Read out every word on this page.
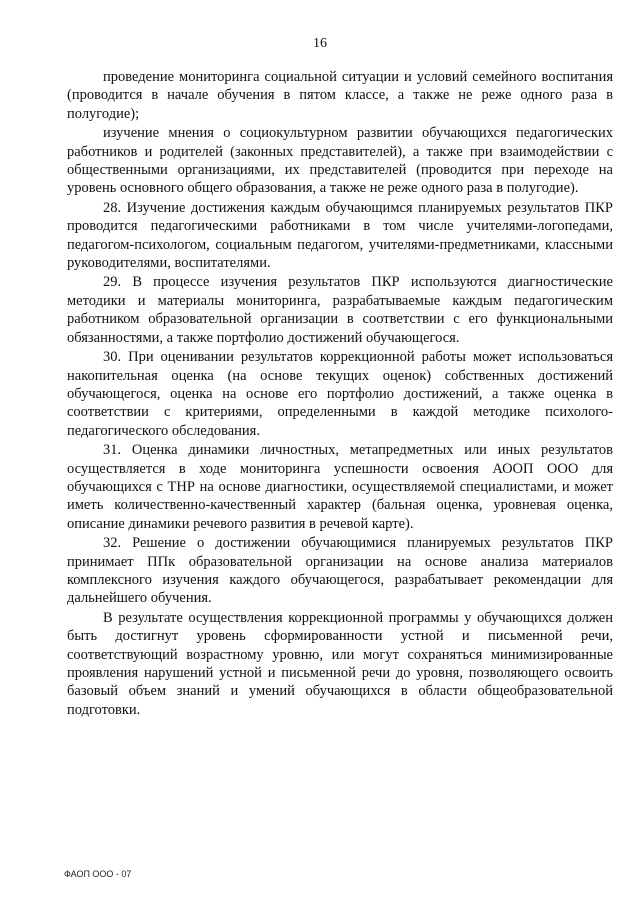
16

проведение мониторинга социальной ситуации и условий семейного воспитания (проводится в начале обучения в пятом классе, а также не реже одного раза в полугодие);

изучение мнения о социокультурном развитии обучающихся педагогических работников и родителей (законных представителей), а также при взаимодействии с общественными организациями, их представителей (проводится при переходе на уровень основного общего образования, а также не реже одного раза в полугодие).

28. Изучение достижения каждым обучающимся планируемых результатов ПКР проводится педагогическими работниками в том числе учителями-логопедами, педагогом-психологом, социальным педагогом, учителями-предметниками, классными руководителями, воспитателями.

29. В процессе изучения результатов ПКР используются диагностические методики и материалы мониторинга, разрабатываемые каждым педагогическим работником образовательной организации в соответствии с его функциональными обязанностями, а также портфолио достижений обучающегося.

30. При оценивании результатов коррекционной работы может использоваться накопительная оценка (на основе текущих оценок) собственных достижений обучающегося, оценка на основе его портфолио достижений, а также оценка в соответствии с критериями, определенными в каждой методике психолого-педагогического обследования.

31. Оценка динамики личностных, метапредметных или иных результатов осуществляется в ходе мониторинга успешности освоения АООП ООО для обучающихся с ТНР на основе диагностики, осуществляемой специалистами, и может иметь количественно-качественный характер (бальная оценка, уровневая оценка, описание динамики речевого развития в речевой карте).

32. Решение о достижении обучающимися планируемых результатов ПКР принимает ППк образовательной организации на основе анализа материалов комплексного изучения каждого обучающегося, разрабатывает рекомендации для дальнейшего обучения.

В результате осуществления коррекционной программы у обучающихся должен быть достигнут уровень сформированности устной и письменной речи, соответствующий возрастному уровню, или могут сохраняться минимизированные проявления нарушений устной и письменной речи до уровня, позволяющего освоить базовый объем знаний и умений обучающихся в области общеобразовательной подготовки.

ФАОП ООО - 07
